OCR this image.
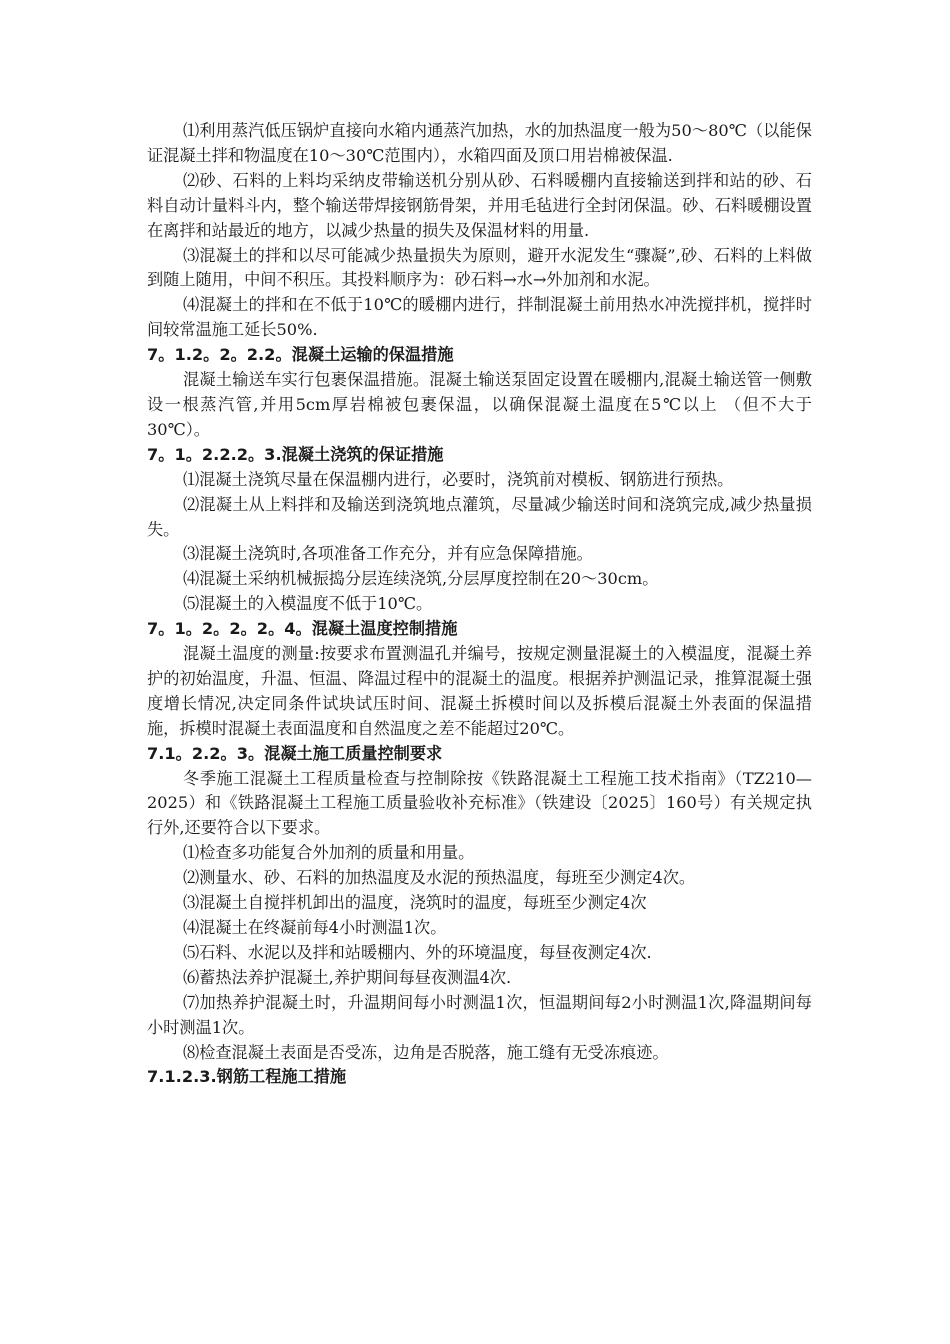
⑴利用蒸汽低压锅炉直接向水箱内通蒸汽加热，水的加热温度一般为50～80℃（以能保证混凝土拌和物温度在10～30℃范围内），水箱四面及顶口用岩棉被保温.

⑵砂、石料的上料均采纳皮带输送机分别从砂、石料暖棚内直接输送到拌和站的砂、石料自动计量料斗内，整个输送带焊接钢筋骨架，并用毛毡进行全封闭保温。砂、石料暖棚设置在离拌和站最近的地方，以减少热量的损失及保温材料的用量.

⑶混凝土的拌和以尽可能减少热量损失为原则，避开水泥发生“骤凝”,砂、石料的上料做到随上随用，中间不积压。其投料顺序为：砂石料→水→外加剂和水泥。

⑷混凝土的拌和在不低于10℃的暖棚内进行，拌制混凝土前用热水冲洗搅拌机，搅拌时间较常温施工延长50%.

7。1.2。2。2.2。混凝土运输的保温措施

混凝土输送车实行包裹保温措施。混凝土输送泵固定设置在暖棚内,混凝土输送管一侧敷设一根蒸汽管,并用5cm厚岩棉被包裹保温，以确保混凝土温度在5℃以上 （但不大于30℃）。

7。1。2.2.2。3.混凝土浇筑的保证措施

⑴混凝土浇筑尽量在保温棚内进行，必要时，浇筑前对模板、钢筋进行预热。

⑵混凝土从上料拌和及输送到浇筑地点灌筑，尽量减少输送时间和浇筑完成,减少热量损失。

⑶混凝土浇筑时,各项准备工作充分，并有应急保障措施。

⑷混凝土采纳机械振捣分层连续浇筑,分层厚度控制在20～30cm。

⑸混凝土的入模温度不低于10℃。

7。1。2。2。2。4。混凝土温度控制措施

混凝土温度的测量:按要求布置测温孔并编号，按规定测量混凝土的入模温度，混凝土养护的初始温度，升温、恒温、降温过程中的混凝土的温度。根据养护测温记录，推算混凝土强度增长情况,决定同条件试块试压时间、混凝土拆模时间以及拆模后混凝土外表面的保温措施，拆模时混凝土表面温度和自然温度之差不能超过20℃。

7.1。2.2。3。混凝土施工质量控制要求

冬季施工混凝土工程质量检查与控制除按《铁路混凝土工程施工技术指南》（TZ210—2025）和《铁路混凝土工程施工质量验收补充标准》（铁建设〔2025〕160号）有关规定执行外,还要符合以下要求。

⑴检查多功能复合外加剂的质量和用量。

⑵测量水、砂、石料的加热温度及水泥的预热温度，每班至少测定4次。

⑶混凝土自搅拌机卸出的温度，浇筑时的温度，每班至少测定4次

⑷混凝土在终凝前每4小时测温1次。

⑸石料、水泥以及拌和站暖棚内、外的环境温度，每昼夜测定4次.

⑹蓄热法养护混凝土,养护期间每昼夜测温4次.

⑺加热养护混凝土时，升温期间每小时测温1次，恒温期间每2小时测温1次,降温期间每小时测温1次。

⑻检查混凝土表面是否受冻，边角是否脱落，施工缝有无受冻痕迹。

7.1.2.3.钢筋工程施工措施
